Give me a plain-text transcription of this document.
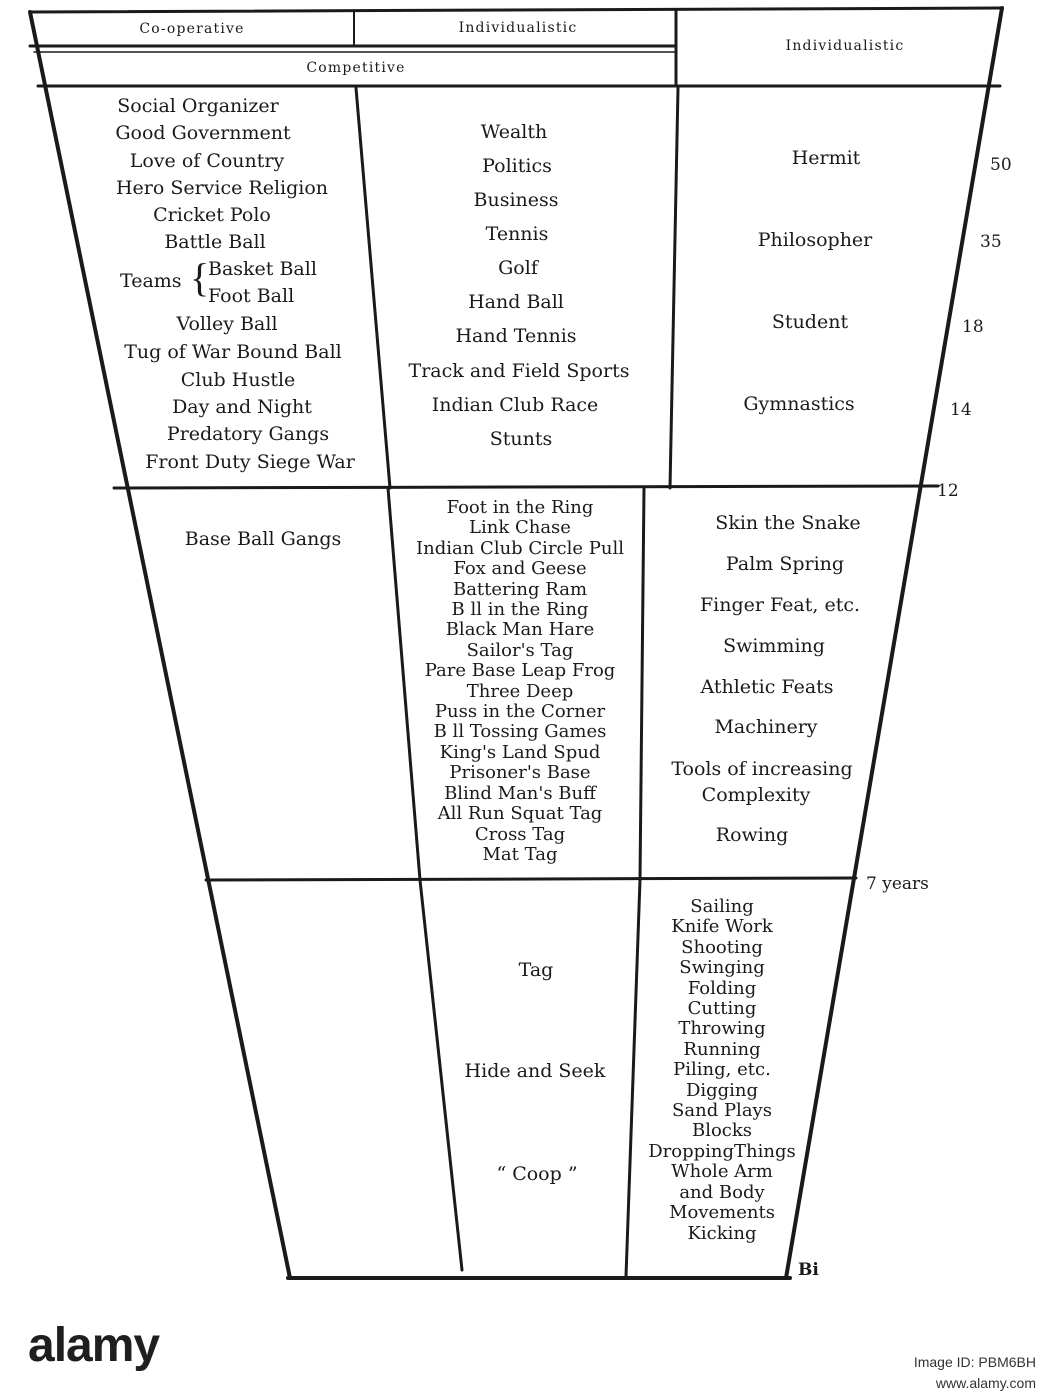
Co-operative	Individualistic
Competitive
Individualistic
Social Organizer
Good Government
Love of Country
Hero Service Religion
Cricket Polo
Battle Ball
Teams {
Basket Ball
Foot Ball
Volley Ball
Tug of War Bound Ball
Club Hustle
Day and Night
Predatory Gangs
Front Duty Siege War
Wealth
Politics
Business
Tennis
Golf
Hand Ball
Hand Tennis
Track and Field Sports
Indian Club Race
Stunts
Hermit
Philosopher
Student
Gymnastics
Base Ball Gangs
Foot in the Ring
Link Chase
Indian Club Circle Pull
Fox and Geese
Battering Ram
B ll in the Ring
Black Man Hare
Sailor's Tag
Pare Base Leap Frog
Three Deep
Puss in the Corner
B ll Tossing Games
King's Land Spud
Prisoner's Base
Blind Man's Buff
All Run Squat Tag
Cross Tag
Mat Tag
Skin the Snake
Palm Spring
Finger Feat, etc.
Swimming
Athletic Feats
Machinery
Tools of increasing
Complexity
Rowing
Tag
Hide and Seek
“ Coop ”
Sailing
Knife Work
Shooting
Swinging
Folding
Cutting
Throwing
Running
Piling, etc.
Digging
Sand Plays
Blocks
DroppingThings
Whole Arm
and Body
Movements
Kicking
50
35
18
14
12
7 years
Bi
alamy	Image ID: PBM6BH
www.alamy.com
